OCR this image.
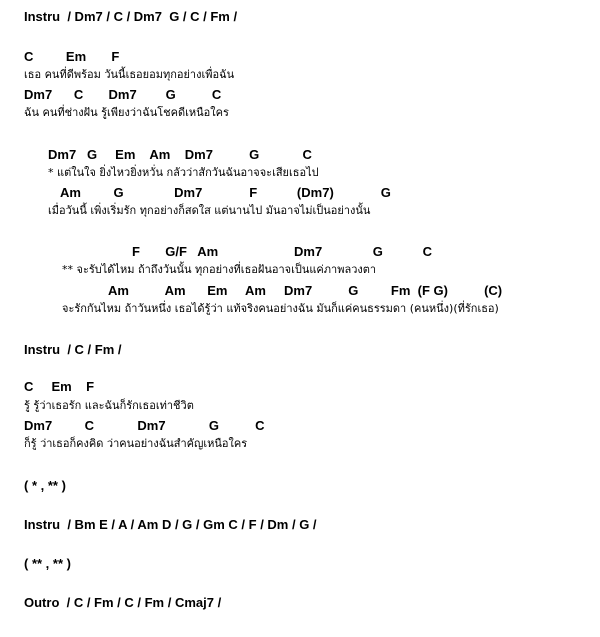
Instru  / Dm7 / C / Dm7  G / C / Fm /
C         Em       F
เธอ คนที่ดีพร้อม วันนี้เธอยอมทุกอย่างเพื่อฉัน
Dm7      C       Dm7        G          C
ฉัน คนที่ช่างฝัน รู้เพียงว่าฉันโชคดีเหนือใคร
Dm7   G     Em    Am    Dm7          G            C
* แต่ในใจ ยิ่งไหวยิ่งหวั่น กลัวว่าสักวันฉันอาจจะเสียเธอไป
Am         G              Dm7             F           (Dm7)             G
เมื่อวันนี้ เพิ่งเริ่มรัก ทุกอย่างก็สดใส แต่นานไป มันอาจไม่เป็นอย่างนั้น
F       G/F   Am                     Dm7              G           C
** จะรับได้ไหม ถ้าถึงวันนั้น ทุกอย่างที่เธอฝันอาจเป็นแค่ภาพลวงตา
Am          Am      Em     Am     Dm7          G         Fm  (F G)          (C)
จะรักกันไหม ถ้าวันหนึ่ง เธอได้รู้ว่า แท้จริงคนอย่างฉัน มันก็แค่คนธรรมดา (คนหนึ่ง)(ที่รักเธอ)
Instru  / C / Fm /
C     Em    F
รู้ รู้ว่าเธอรัก และฉันก็รักเธอเท่าชีวิต
Dm7         C            Dm7            G          C
ก็รู้ ว่าเธอก็คงคิด ว่าคนอย่างฉันสำคัญเหนือใคร
( * , ** )
Instru  / Bm E / A / Am D / G / Gm C / F / Dm / G /
( ** , ** )
Outro  / C / Fm / C / Fm / Cmaj7 /
